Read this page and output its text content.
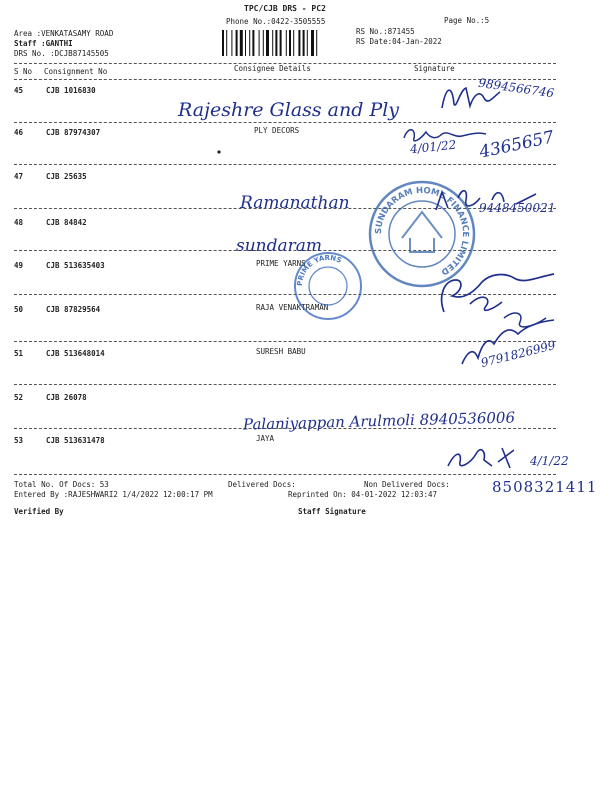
TPC/CJB DRS - PC2
Phone No.:0422-3505555	Page No.:5
RS No.:871455
RS Date:04-Jan-2022
Area :VENKATASAMY ROAD
Staff :GANTHI
DRS No. :DCJB87145505
S No Consignment No	Consignee Details	Signature
45	CJB 1016830
46	CJB 87974307	PLY DECORS
47	CJB 25635
48	CJB 84842
49	CJB 513635403	PRIME YARNS
50	CJB 87829564	RAJA VENAKTRAMAN
51	CJB 513648014	SURESH BABU
52	CJB 26078
53	CJB 513631478	JAYA
SUNDARAM HOME FINANCE LIMITED
PRIME YARNS
Rajeshre Glass and Ply
Ramanathan
sundaram
Palaniyappan Arulmoli 8940536006
9894566746
4/01/22 4365657
9448450021
9791826999
4/1/22
8508321411
Total No. Of Docs: 53	Delivered Docs:	Non Delivered Docs:
Entered By :RAJESHWARI2 1/4/2022 12:00:17 PM	Reprinted On: 04-01-2022 12:03:47
Verified By	Staff Signature
